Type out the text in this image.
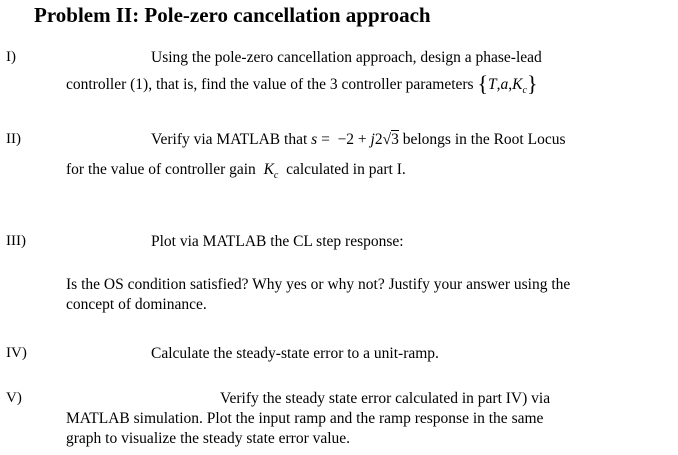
Problem II: Pole-zero cancellation approach
I)	Using the pole-zero cancellation approach, design a phase-lead
controller (1), that is, find the value of the 3 controller parameters $\{T,a,K_c\}$
II)	Verify via MATLAB that s = −2 + j2√3 belongs in the Root Locus
for the value of controller gain $K_c$ calculated in part I.
III)	Plot via MATLAB the CL step response:
Is the OS condition satisfied? Why yes or why not? Justify your answer using the
concept of dominance.
IV)	Calculate the steady-state error to a unit-ramp.
V)	Verify the steady state error calculated in part IV) via
MATLAB simulation. Plot the input ramp and the ramp response in the same
graph to visualize the steady state error value.
